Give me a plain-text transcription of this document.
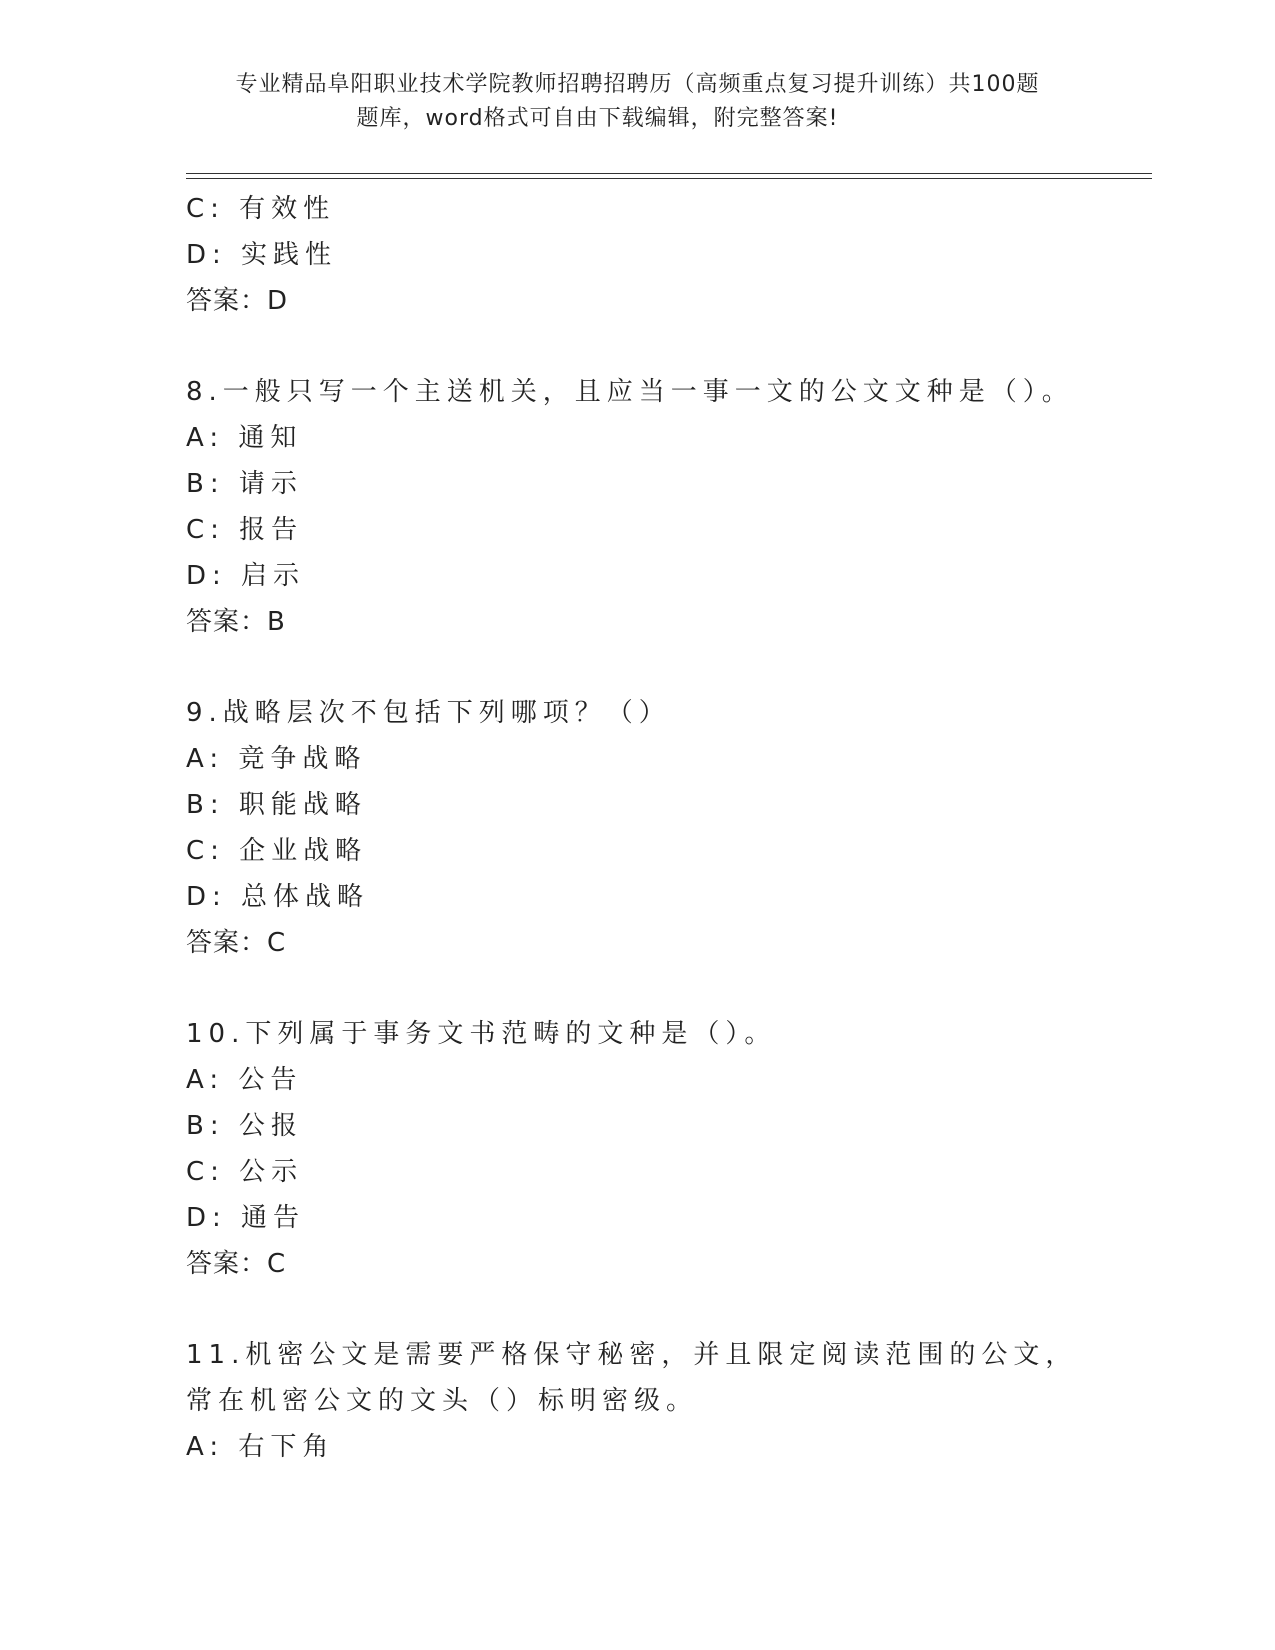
专业精品阜阳职业技术学院教师招聘招聘历（高频重点复习提升训练）共100题
题库，word格式可自由下载编辑，附完整答案!
C: 有效性
D: 实践性
答案：D
8.一般只写一个主送机关，且应当一事一文的公文文种是（）。
A: 通知
B: 请示
C: 报告
D: 启示
答案：B
9.战略层次不包括下列哪项？（）
A: 竞争战略
B: 职能战略
C: 企业战略
D: 总体战略
答案：C
10.下列属于事务文书范畴的文种是（）。
A: 公告
B: 公报
C: 公示
D: 通告
答案：C
11.机密公文是需要严格保守秘密，并且限定阅读范围的公文，常在机密公文的文头（）标明密级。
A: 右下角
